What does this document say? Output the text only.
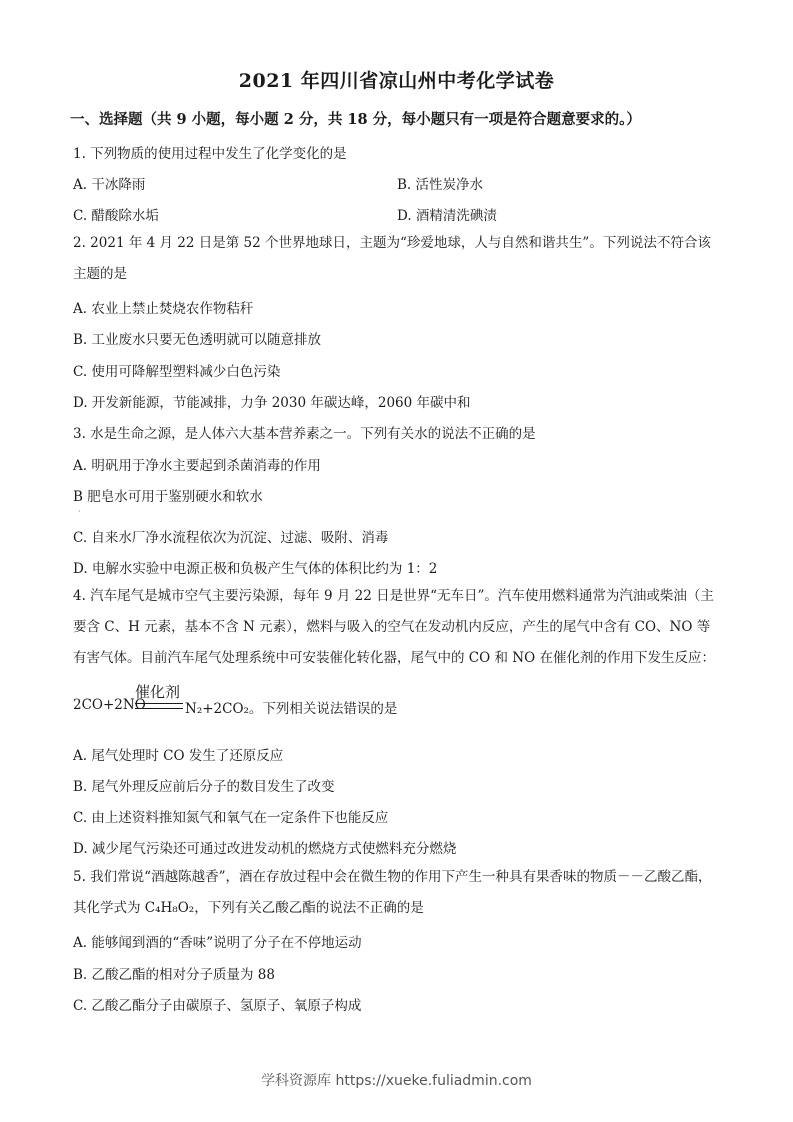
2021 年四川省凉山州中考化学试卷
一、选择题（共 9 小题，每小题 2 分，共 18 分，每小题只有一项是符合题意要求的。）
1. 下列物质的使用过程中发生了化学变化的是
A. 干冰降雨	B. 活性炭净水
C. 醋酸除水垢	D. 酒精清洗碘渍
2. 2021 年 4 月 22 日是第 52 个世界地球日，主题为“珍爱地球，人与自然和谐共生”。下列说法不符合该主题的是
A. 农业上禁止焚烧农作物秸秆
B. 工业废水只要无色透明就可以随意排放
C. 使用可降解型塑料减少白色污染
D. 开发新能源，节能减排，力争 2030 年碳达峰，2060 年碳中和
3. 水是生命之源，是人体六大基本营养素之一。下列有关水的说法不正确的是
A. 明矾用于净水主要起到杀菌消毒的作用
B 肥皂水可用于鉴别硬水和软水
·
C. 自来水厂净水流程依次为沉淀、过滤、吸附、消毒
D. 电解水实验中电源正极和负极产生气体的体积比约为 1：2
4. 汽车尾气是城市空气主要污染源，每年 9 月 22 日是世界“无车日”。汽车使用燃料通常为汽油或柴油（主要含 C、H 元素，基本不含 N 元素），燃料与吸入的空气在发动机内反应，产生的尾气中含有 CO、NO 等有害气体。目前汽车尾气处理系统中可安装催化转化器，尾气中的 CO 和 NO 在催化剂的作用下发生反应：
2CO+2NO
催化剂
N₂+2CO₂。下列相关说法错误的是
A. 尾气处理时 CO 发生了还原反应
B. 尾气外理反应前后分子的数目发生了改变
C. 由上述资料推知氮气和氧气在一定条件下也能反应
D. 减少尾气污染还可通过改进发动机的燃烧方式使燃料充分燃烧
5. 我们常说“酒越陈越香”，酒在存放过程中会在微生物的作用下产生一种具有果香味的物质－－乙酸乙酯，其化学式为 C₄H₈O₂，下列有关乙酸乙酯的说法不正确的是
A. 能够闻到酒的“香味”说明了分子在不停地运动
B. 乙酸乙酯的相对分子质量为 88
C. 乙酸乙酯分子由碳原子、氢原子、氧原子构成
学科资源库 https://xueke.fuliadmin.com
